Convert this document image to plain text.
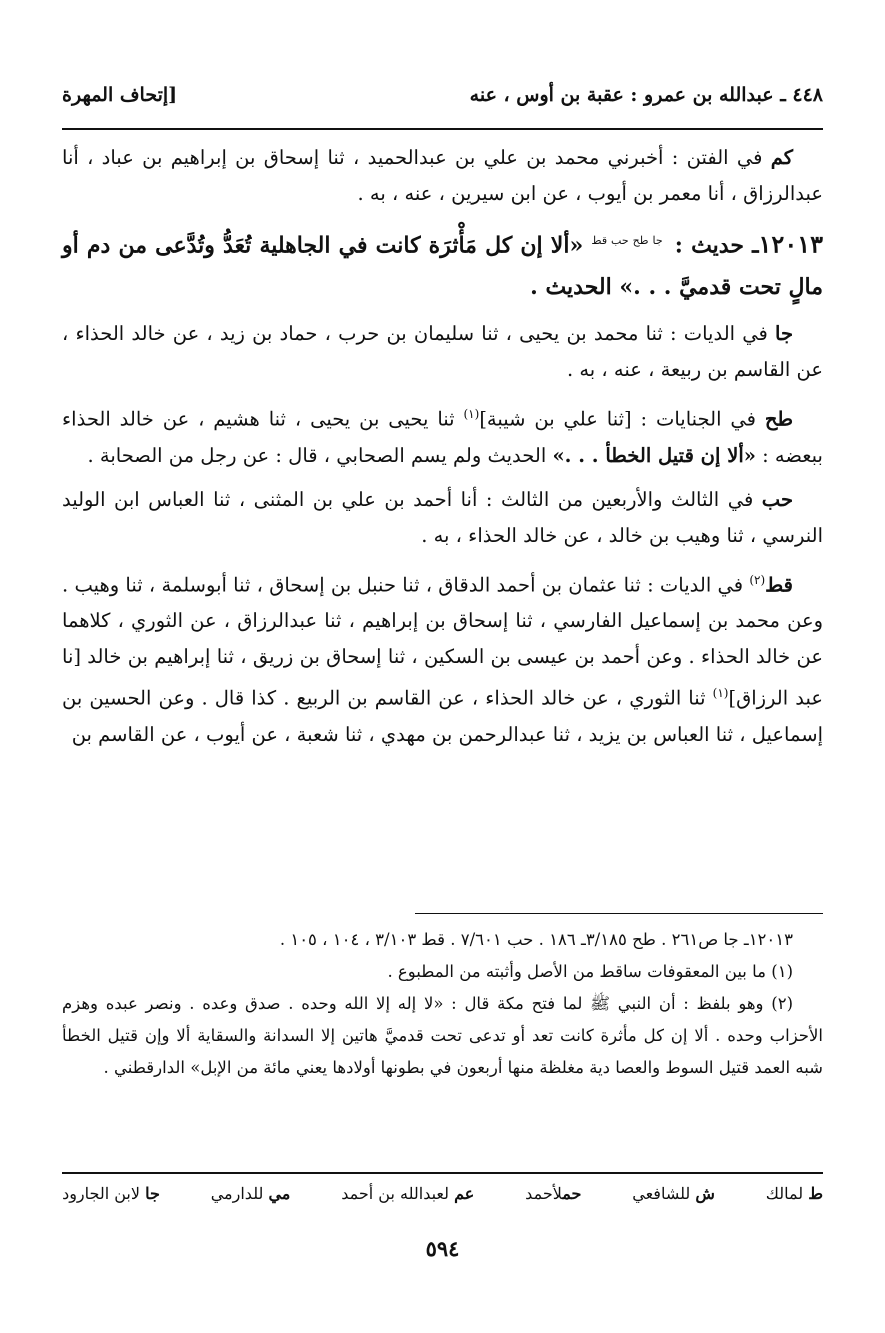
٤٤٨ ـ عبدالله بن عمرو : عقبة بن أوس ، عنه
[إتحاف المهرة

كم في الفتن : أخبرني محمد بن علي بن عبدالحميد ، ثنا إسحاق بن إبراهيم بن عباد ، أنا عبدالرزاق ، أنا معمر بن أيوب ، عن ابن سيرين ، عنه ، به .

١٢٠١٣ـ حديث : $^{جا طح حب قط}$ «ألا إن كل مَأْثرَة كانت في الجاهلية تُعَدُّ وتُدَّعى من دم أو مالٍ تحت قدميَّ . . .» الحديث .

جا في الديات : ثنا محمد بن يحيى ، ثنا سليمان بن حرب ، حماد بن زيد ، عن خالد الحذاء ، عن القاسم بن ربيعة ، عنه ، به .

طح في الجنايات : [ثنا علي بن شيبة]$^{(١)}$ ثنا يحيى بن يحيى ، ثنا هشيم ، عن خالد الحذاء ببعضه : «ألا إن قتيل الخطأ . . .» الحديث ولم يسم الصحابي ، قال : عن رجل من الصحابة .

حب في الثالث والأربعين من الثالث : أنا أحمد بن علي بن المثنى ، ثنا العباس ابن الوليد النرسي ، ثنا وهيب بن خالد ، عن خالد الحذاء ، به .

قط$^{(٢)}$ في الديات : ثنا عثمان بن أحمد الدقاق ، ثنا حنبل بن إسحاق ، ثنا أبوسلمة ، ثنا وهيب . وعن محمد بن إسماعيل الفارسي ، ثنا إسحاق بن إبراهيم ، ثنا عبدالرزاق ، عن الثوري ، كلاهما عن خالد الحذاء . وعن أحمد بن عيسى بن السكين ، ثنا إسحاق بن زريق ، ثنا إبراهيم بن خالد [نا عبد الرزاق]$^{(١)}$ ثنا الثوري ، عن خالد الحذاء ، عن القاسم بن الربيع . كذا قال . وعن الحسين بن إسماعيل ، ثنا العباس بن يزيد ، ثنا عبدالرحمن بن مهدي ، ثنا شعبة ، عن أيوب ، عن القاسم بن

١٢٠١٣ـ جا ص٢٦١ . طح ٣/١٨٥ـ ١٨٦ . حب ٧/٦٠١ . قط ٣/١٠٣ ، ١٠٤ ، ١٠٥ .

(١) ما بين المعقوفات ساقط من الأصل وأثبته من المطبوع .

(٢) وهو بلفظ : أن النبي ﷺ لما فتح مكة قال : «لا إله إلا الله وحده . صدق وعده . ونصر عبده وهزم الأحزاب وحده . ألا إن كل مأثرة كانت تعد أو تدعى تحت قدميَّ هاتين إلا السدانة والسقاية ألا وإن قتيل الخطأ شبه العمد قتيل السوط والعصا دية مغلظة منها أربعون في بطونها أولادها يعني مائة من الإبل» الدارقطني .

ط لمالك
ش للشافعي
حملأحمد
عم لعبدالله بن أحمد
مي للدارمي
جا لابن الجارود
٥٩٤
